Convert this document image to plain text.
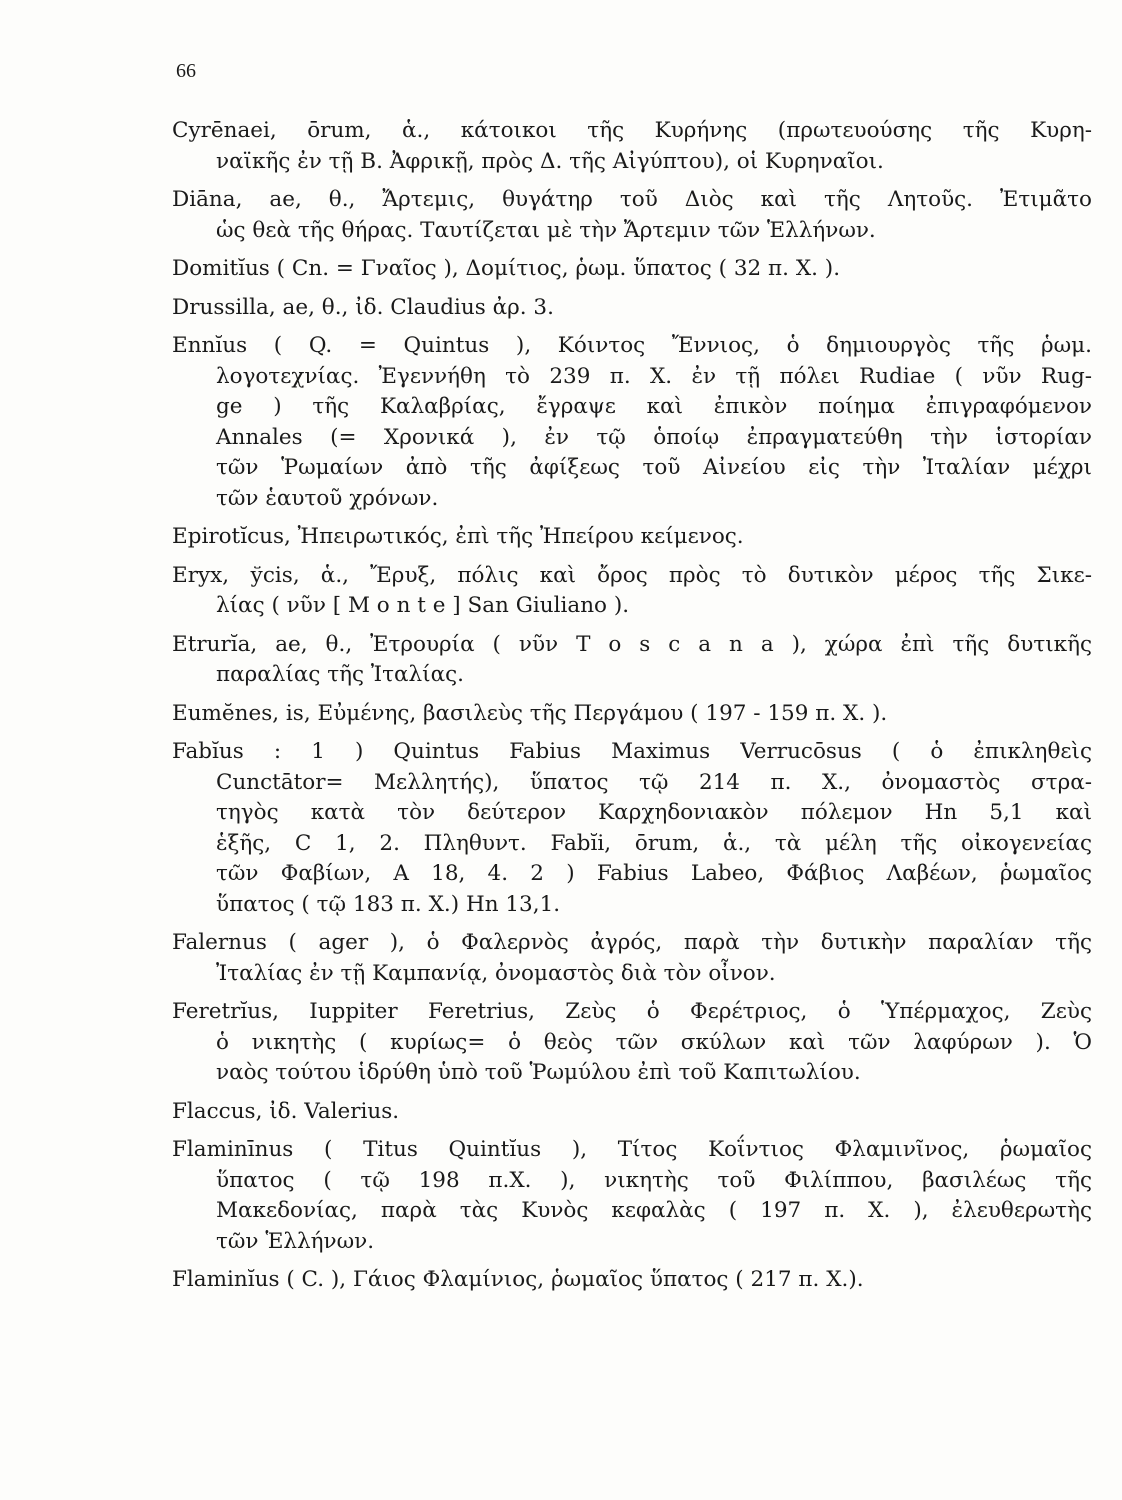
66
Cyrēnaei, ōrum, ἁ., κάτοικοι τῆς Κυρήνης (πρωτευούσης τῆς Κυρη-
ναϊκῆς ἐν τῇ Β. Ἀφρικῇ, πρὸς Δ. τῆς Αἰγύπτου), οἱ Κυρηναῖοι.
Diāna, ae, θ., Ἄρτεμις, θυγάτηρ τοῦ Διὸς καὶ τῆς Λητοῦς. Ἐτιμᾶτο
ὡς θεὰ τῆς θήρας. Ταυτίζεται μὲ τὴν Ἄρτεμιν τῶν Ἑλλήνων.
Domitĭus ( Cn. = Γναῖος ), Δομίτιος, ῥωμ. ὕπατος ( 32 π. Χ. ).
Drussilla, ae, θ., ἰδ. Claudius ἀρ. 3.
Ennĭus ( Q. = Quintus ), Κόιντος Ἔννιος, ὁ δημιουργὸς τῆς ῥωμ.
λογοτεχνίας. Ἐγεννήθη τὸ 239 π. Χ. ἐν τῇ πόλει Rudiae ( νῦν Rug-
ge ) τῆς Καλαβρίας, ἔγραψε καὶ ἐπικὸν ποίημα ἐπιγραφόμενον
Annales (= Χρονικά ), ἐν τῷ ὁποίῳ ἐπραγματεύθη τὴν ἱστορίαν
τῶν Ῥωμαίων ἀπὸ τῆς ἀφίξεως τοῦ Αἰνείου εἰς τὴν Ἰταλίαν μέχρι
τῶν ἑαυτοῦ χρόνων.
Epirotĭcus, Ἠπειρωτικός, ἐπὶ τῆς Ἠπείρου κείμενος.
Eryx, ўcis, ἁ., Ἔρυξ, πόλις καὶ ὄρος πρὸς τὸ δυτικὸν μέρος τῆς Σικε-
λίας ( νῦν [ M o n t e ] San Giuliano ).
Etrurĭa, ae, θ., Ἐτρουρία ( νῦν T o s c a n a ), χώρα ἐπὶ τῆς δυτικῆς
παραλίας τῆς Ἰταλίας.
Eumĕnes, is, Εὐμένης, βασιλεὺς τῆς Περγάμου ( 197 - 159 π. Χ. ).
Fabĭus : 1 ) Quintus Fabius Maximus Verrucōsus ( ὁ ἐπικληθεὶς
Cunctātor= Μελλητής), ὕπατος τῷ 214 π. Χ., ὀνομαστὸς στρα-
τηγὸς κατὰ τὸν δεύτερον Καρχηδονιακὸν πόλεμον Hn 5,1 καὶ
ἑξῆς, C 1, 2. Πληθυντ. Fabĭi, ōrum, ἁ., τὰ μέλη τῆς οἰκογενείας
τῶν Φαβίων, A 18, 4. 2 ) Fabius Labeo, Φάβιος Λαβέων, ῥωμαῖος
ὕπατος ( τῷ 183 π. Χ.) Hn 13,1.
Falernus ( ager ), ὁ Φαλερνὸς ἀγρός, παρὰ τὴν δυτικὴν παραλίαν τῆς
Ἰταλίας ἐν τῇ Καμπανίᾳ, ὀνομαστὸς διὰ τὸν οἶνον.
Feretrĭus, Iuppiter Feretrius, Ζεὺς ὁ Φερέτριος, ὁ Ὑπέρμαχος, Ζεὺς
ὁ νικητὴς ( κυρίως= ὁ θεὸς τῶν σκύλων καὶ τῶν λαφύρων ). Ὁ
ναὸς τούτου ἱδρύθη ὑπὸ τοῦ Ῥωμύλου ἐπὶ τοῦ Καπιτωλίου.
Flaccus, ἰδ. Valerius.
Flaminīnus ( Titus Quintĭus ), Τίτος Κοΐντιος Φλαμινῖνος, ῥωμαῖος
ὕπατος ( τῷ 198 π.Χ. ), νικητὴς τοῦ Φιλίππου, βασιλέως τῆς
Μακεδονίας, παρὰ τὰς Κυνὸς κεφαλὰς ( 197 π. Χ. ), ἐλευθερωτὴς
τῶν Ἑλλήνων.
Flaminĭus ( C. ), Γάιος Φλαμίνιος, ῥωμαῖος ὕπατος ( 217 π. Χ.).
